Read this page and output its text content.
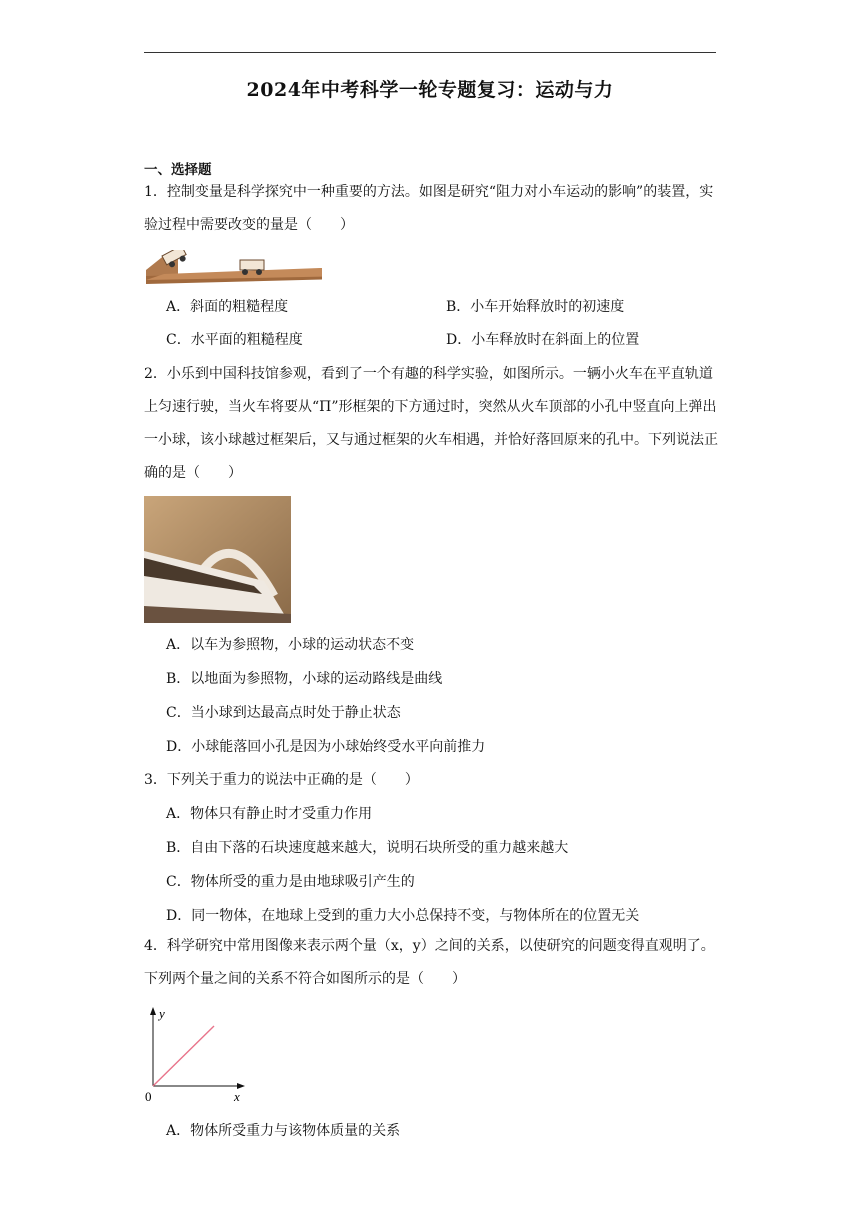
2024年中考科学一轮专题复习：运动与力
一、选择题
1．控制变量是科学探究中一种重要的方法。如图是研究“阻力对小车运动的影响”的装置，实验过程中需要改变的量是（　　）
A．斜面的粗糙程度	B．小车开始释放时的初速度
C．水平面的粗糙程度	D．小车释放时在斜面上的位置
2．小乐到中国科技馆参观，看到了一个有趣的科学实验，如图所示。一辆小火车在平直轨道上匀速行驶，当火车将要从“Π”形框架的下方通过时，突然从火车顶部的小孔中竖直向上弹出一小球，该小球越过框架后，又与通过框架的火车相遇，并恰好落回原来的孔中。下列说法正确的是（　　）
A．以车为参照物，小球的运动状态不变
B．以地面为参照物，小球的运动路线是曲线
C．当小球到达最高点时处于静止状态
D．小球能落回小孔是因为小球始终受水平向前推力
3．下列关于重力的说法中正确的是（　　）
A．物体只有静止时才受重力作用
B．自由下落的石块速度越来越大，说明石块所受的重力越来越大
C．物体所受的重力是由地球吸引产生的
D．同一物体，在地球上受到的重力大小总保持不变，与物体所在的位置无关
4．科学研究中常用图像来表示两个量（x，y）之间的关系，以使研究的问题变得直观明了。下列两个量之间的关系不符合如图所示的是（　　）
y
x
0
A．物体所受重力与该物体质量的关系
